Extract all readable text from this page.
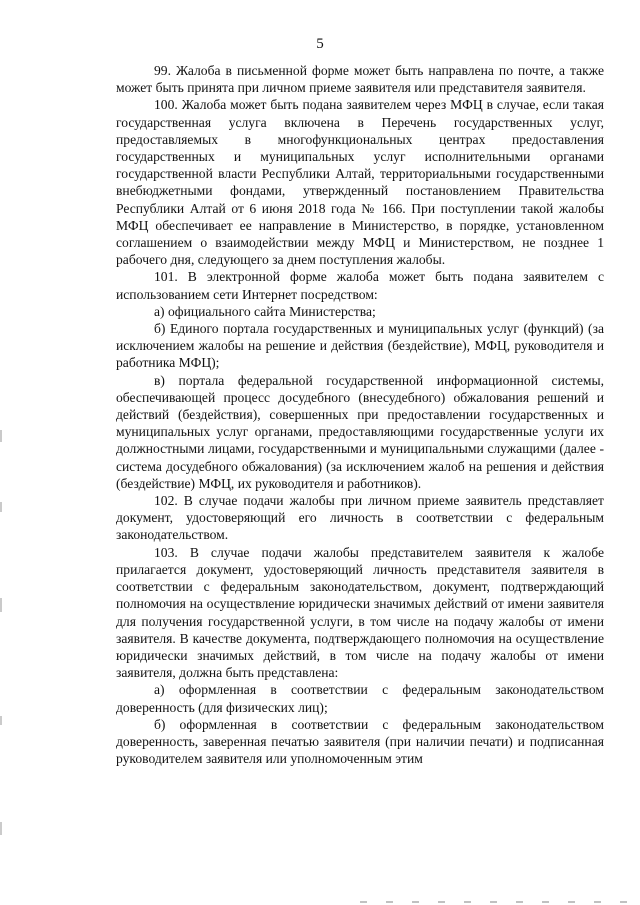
5

99. Жалоба в письменной форме может быть направлена по почте, а также может быть принята при личном приеме заявителя или представителя заявителя.

100. Жалоба может быть подана заявителем через МФЦ в случае, если такая государственная услуга включена в Перечень государственных услуг, предоставляемых в многофункциональных центрах предоставления государственных и муниципальных услуг исполнительными органами государственной власти Республики Алтай, территориальными государственными внебюджетными фондами, утвержденный постановлением Правительства Республики Алтай от 6 июня 2018 года № 166. При поступлении такой жалобы МФЦ обеспечивает ее направление в Министерство, в порядке, установленном соглашением о взаимодействии между МФЦ и Министерством, не позднее 1 рабочего дня, следующего за днем поступления жалобы.

101. В электронной форме жалоба может быть подана заявителем с использованием сети Интернет посредством:

а) официального сайта Министерства;

б) Единого портала государственных и муниципальных услуг (функций) (за исключением жалобы на решение и действия (бездействие), МФЦ, руководителя и работника МФЦ);

в) портала федеральной государственной информационной системы, обеспечивающей процесс досудебного (внесудебного) обжалования решений и действий (бездействия), совершенных при предоставлении государственных и муниципальных услуг органами, предоставляющими государственные услуги их должностными лицами, государственными и муниципальными служащими (далее - система досудебного обжалования) (за исключением жалоб на решения и действия (бездействие) МФЦ, их руководителя и работников).

102. В случае подачи жалобы при личном приеме заявитель представляет документ, удостоверяющий его личность в соответствии с федеральным законодательством.

103. В случае подачи жалобы представителем заявителя к жалобе прилагается документ, удостоверяющий личность представителя заявителя в соответствии с федеральным законодательством, документ, подтверждающий полномочия на осуществление юридически значимых действий от имени заявителя для получения государственной услуги, в том числе на подачу жалобы от имени заявителя. В качестве документа, подтверждающего полномочия на осуществление юридически значимых действий, в том числе на подачу жалобы от имени заявителя, должна быть представлена:

а) оформленная в соответствии с федеральным законодательством доверенность (для физических лиц);

б) оформленная в соответствии с федеральным законодательством доверенность, заверенная печатью заявителя (при наличии печати) и подписанная руководителем заявителя или уполномоченным этим
